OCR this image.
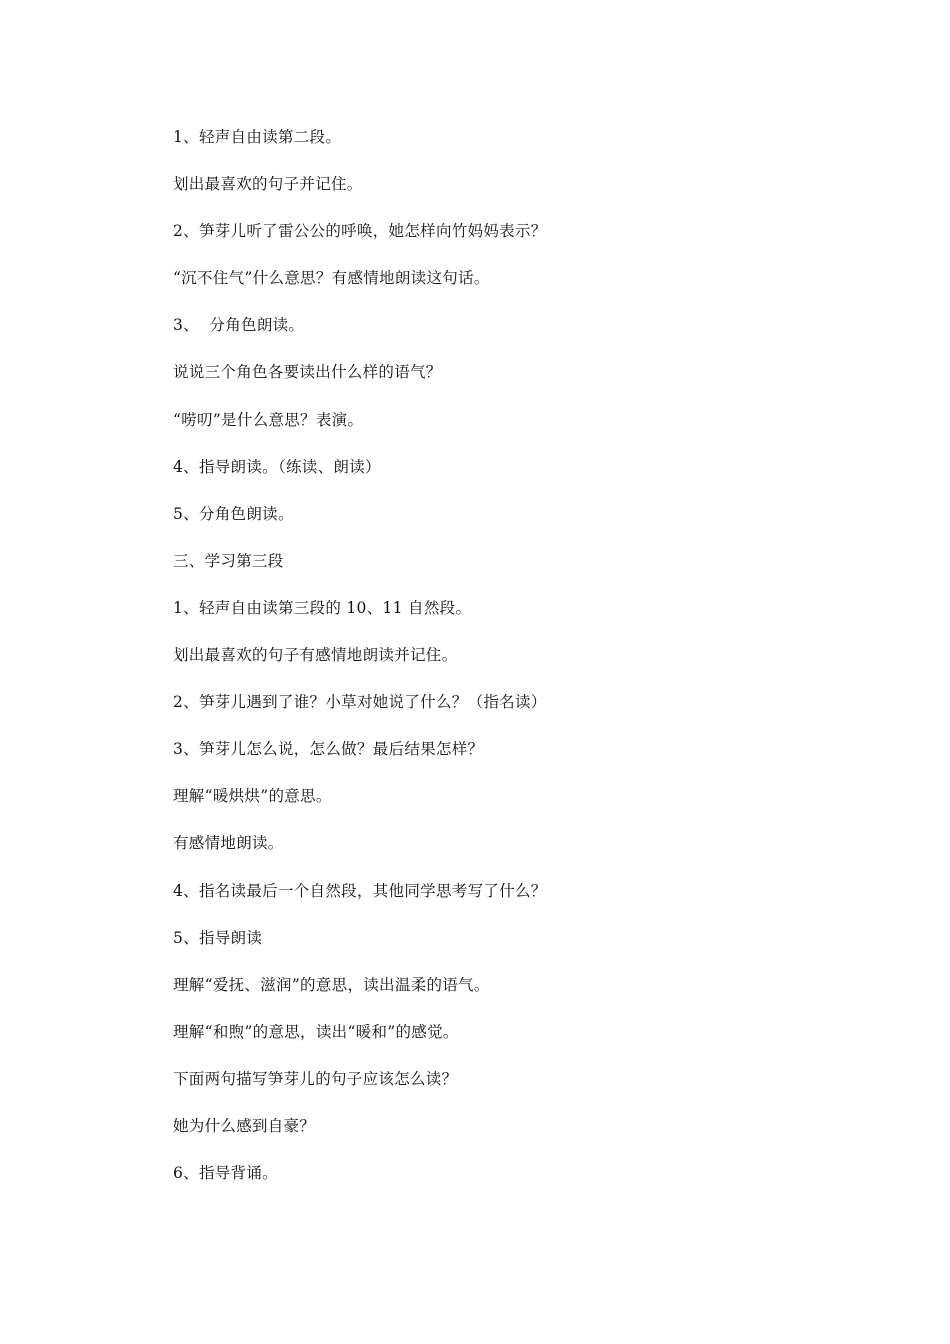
1、轻声自由读第二段。
划出最喜欢的句子并记住。
2、笋芽儿听了雷公公的呼唤，她怎样向竹妈妈表示？
“沉不住气”什么意思？有感情地朗读这句话。
3、  分角色朗读。
说说三个角色各要读出什么样的语气？
“唠叨”是什么意思？表演。
4、指导朗读。（练读、朗读）
5、分角色朗读。
三、学习第三段
1、轻声自由读第三段的 10、11 自然段。
划出最喜欢的句子有感情地朗读并记住。
2、笋芽儿遇到了谁？小草对她说了什么？（指名读）
3、笋芽儿怎么说，怎么做？最后结果怎样？
理解“暖烘烘”的意思。
有感情地朗读。
4、指名读最后一个自然段，其他同学思考写了什么？
5、指导朗读
理解“爱抚、滋润”的意思，读出温柔的语气。
理解“和煦”的意思，读出“暖和”的感觉。
下面两句描写笋芽儿的句子应该怎么读？
她为什么感到自豪？
6、指导背诵。
